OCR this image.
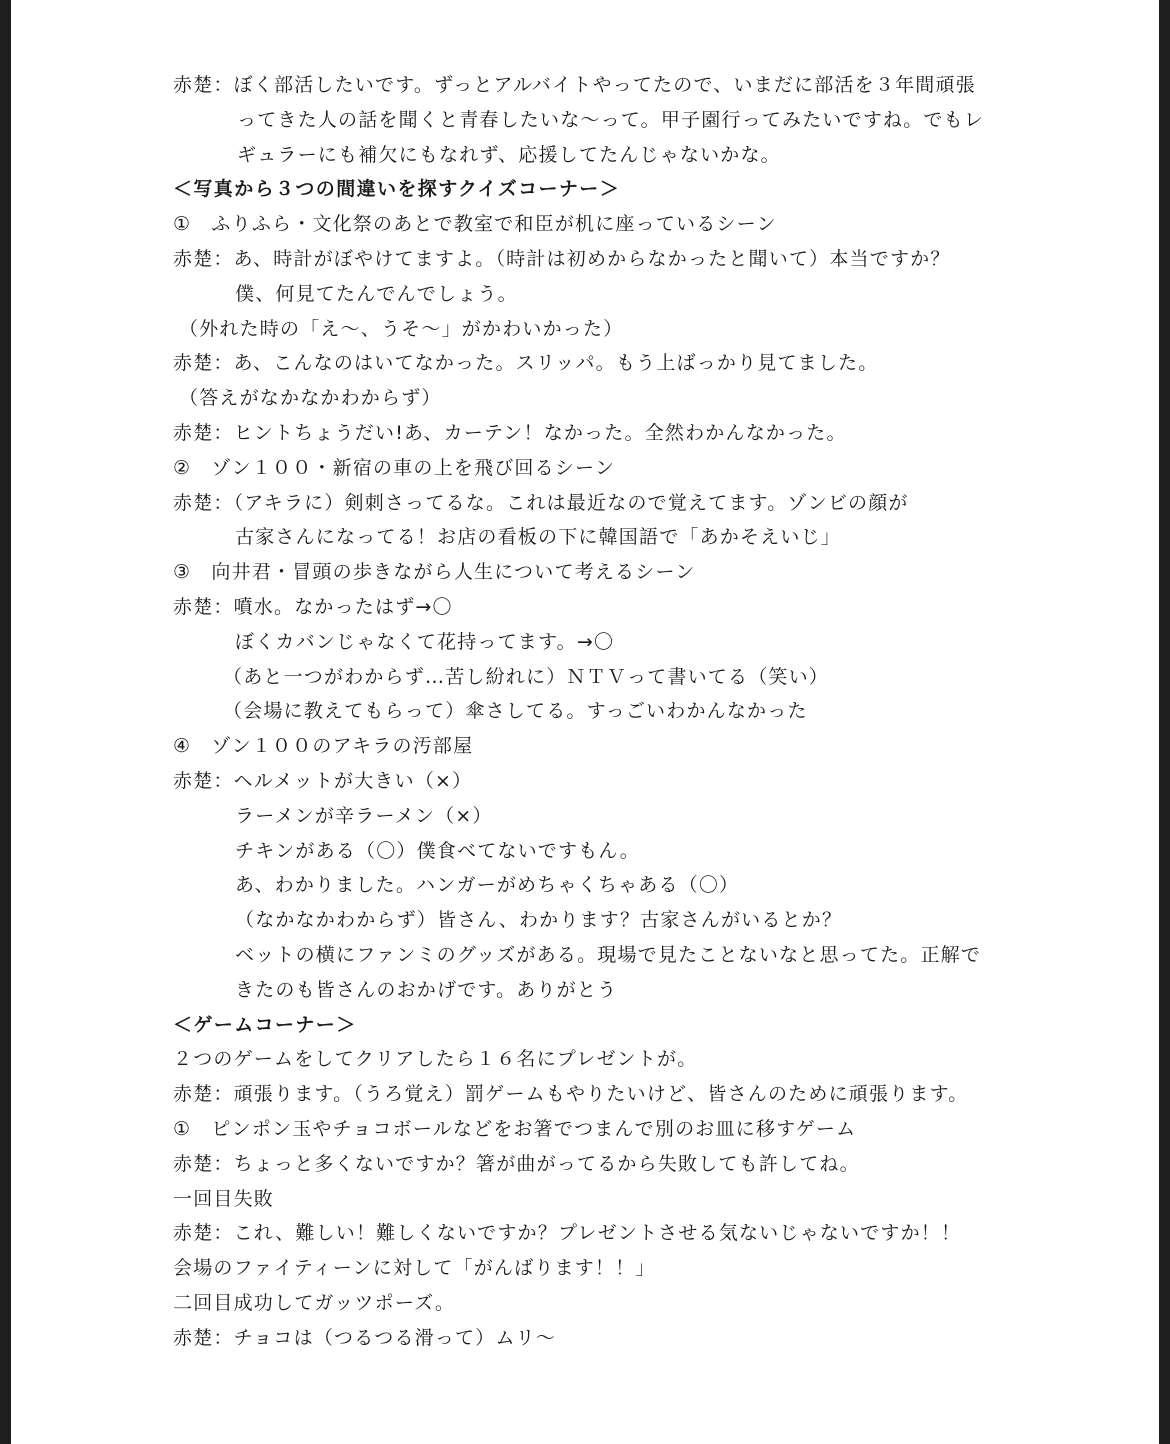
赤楚：ぼく部活したいです。ずっとアルバイトやってたので、いまだに部活を３年間頑張
ってきた人の話を聞くと青春したいな〜って。甲子園行ってみたいですね。でもレ
ギュラーにも補欠にもなれず、応援してたんじゃないかな。
＜写真から３つの間違いを探すクイズコーナー＞
①　ふりふら・文化祭のあとで教室で和臣が机に座っているシーン
赤楚：あ、時計がぼやけてますよ。（時計は初めからなかったと聞いて）本当ですか？
僕、何見てたんでんでしょう。
（外れた時の「え〜、うそ〜」がかわいかった）
赤楚：あ、こんなのはいてなかった。スリッパ。もう上ばっかり見てました。
（答えがなかなかわからず）
赤楚：ヒントちょうだい!あ、カーテン！なかった。全然わかんなかった。
②　ゾン１００・新宿の車の上を飛び回るシーン
赤楚：（アキラに）剣刺さってるな。これは最近なので覚えてます。ゾンビの顔が
古家さんになってる！お店の看板の下に韓国語で「あかそえいじ」
③　向井君・冒頭の歩きながら人生について考えるシーン
赤楚：噴水。なかったはず→〇
ぼくカバンじゃなくて花持ってます。→〇
（あと一つがわからず…苦し紛れに）ＮＴＶって書いてる（笑い）
（会場に教えてもらって）傘さしてる。すっごいわかんなかった
④　ゾン１００のアキラの汚部屋
赤楚：ヘルメットが大きい（×）
ラーメンが辛ラーメン（×）
チキンがある（〇）僕食べてないですもん。
あ、わかりました。ハンガーがめちゃくちゃある（〇）
（なかなかわからず）皆さん、わかります？古家さんがいるとか？
ベットの横にファンミのグッズがある。現場で見たことないなと思ってた。正解で
きたのも皆さんのおかげです。ありがとう
＜ゲームコーナー＞
２つのゲームをしてクリアしたら１６名にプレゼントが。
赤楚：頑張ります。（うろ覚え）罰ゲームもやりたいけど、皆さんのために頑張ります。
①　ピンポン玉やチョコボールなどをお箸でつまんで別のお皿に移すゲーム
赤楚：ちょっと多くないですか？箸が曲がってるから失敗しても許してね。
一回目失敗
赤楚：これ、難しい！難しくないですか？プレゼントさせる気ないじゃないですか！！
会場のファイティーンに対して「がんばります！！」
二回目成功してガッツポーズ。
赤楚：チョコは（つるつる滑って）ムリ〜
